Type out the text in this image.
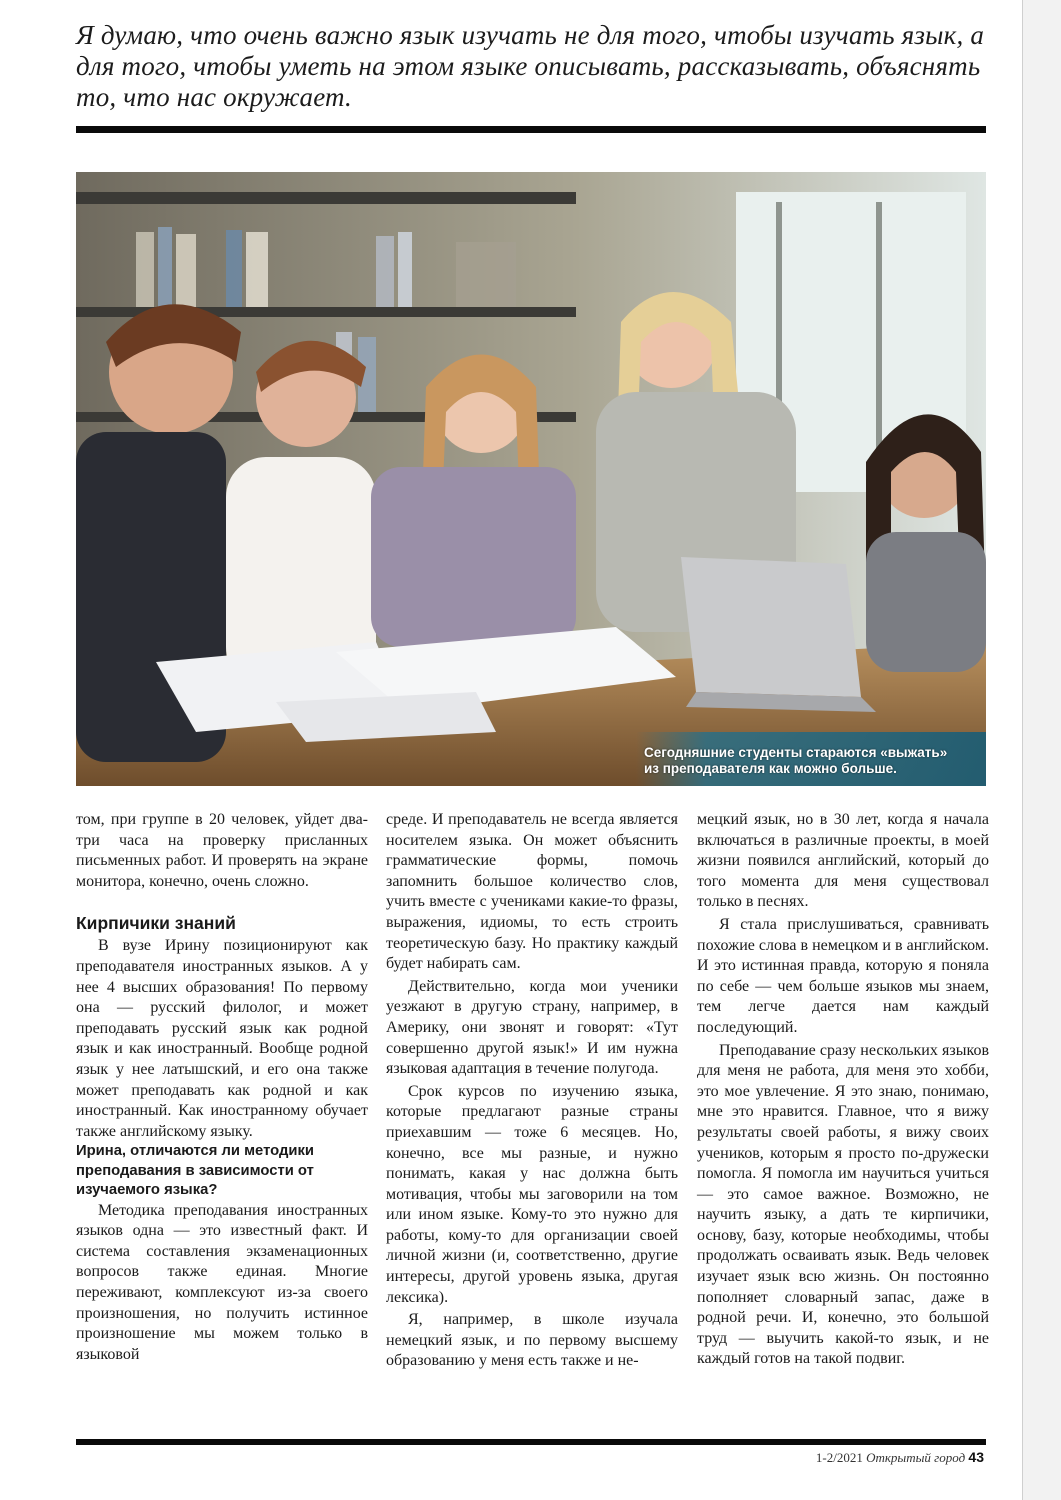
Я думаю, что очень важно язык изучать не для того, чтобы изучать язык, а для того, чтобы уметь на этом языке описывать, рассказывать, объяснять то, что нас окружает.
Сегодняшние студенты стараются «выжать»
из преподавателя как можно больше.

том, при группе в 20 человек, уйдет два-три часа на проверку присланных письменных работ. И проверять на экране монитора, конечно, очень сложно.

Кирпичики знаний

В вузе Ирину позиционируют как преподавателя иностранных языков. А у нее 4 высших образования! По первому она — русский филолог, и может преподавать русский язык как родной язык и как иностранный. Вообще родной язык у нее латышский, и его она также может преподавать как родной и как иностранный. Как иностранному обучает также английскому языку.

Ирина, отличаются ли методики преподавания в зависимости от изучаемого языка?

Методика преподавания иностранных языков одна — это известный факт. И система составления экзаменационных вопросов также единая. Многие переживают, комплексуют из-за своего произношения, но получить истинное произношение мы можем только в языковой

среде. И преподаватель не всегда является носителем языка. Он может объяснить грамматические формы, помочь запомнить большое количество слов, учить вместе с учениками какие-то фразы, выражения, идиомы, то есть строить теоретическую базу. Но практику каждый будет набирать сам.

Действительно, когда мои ученики уезжают в другую страну, например, в Америку, они звонят и говорят: «Тут совершенно другой язык!» И им нужна языковая адаптация в течение полугода.

Срок курсов по изучению языка, которые предлагают разные страны приехавшим — тоже 6 месяцев. Но, конечно, все мы разные, и нужно понимать, какая у нас должна быть мотивация, чтобы мы заговорили на том или ином языке. Кому-то это нужно для работы, кому-то для организации своей личной жизни (и, соответственно, другие интересы, другой уровень языка, другая лексика).

Я, например, в школе изучала немецкий язык, и по первому высшему образованию у меня есть также и не-

мецкий язык, но в 30 лет, когда я начала включаться в различные проекты, в моей жизни появился английский, который до того момента для меня существовал только в песнях.

Я стала прислушиваться, сравнивать похожие слова в немецком и в английском. И это истинная правда, которую я поняла по себе — чем больше языков мы знаем, тем легче дается нам каждый последующий.

Преподавание сразу нескольких языков для меня не работа, для меня это хобби, это мое увлечение. Я это знаю, понимаю, мне это нравится. Главное, что я вижу результаты своей работы, я вижу своих учеников, которым я просто по-дружески помогла. Я помогла им научиться учиться — это самое важное. Возможно, не научить языку, а дать те кирпичики, основу, базу, которые необходимы, чтобы продолжать осваивать язык. Ведь человек изучает язык всю жизнь. Он постоянно пополняет словарный запас, даже в родной речи. И, конечно, это большой труд — выучить какой-то язык, и не каждый готов на такой подвиг.

1-2/2021 Открытый город 43
